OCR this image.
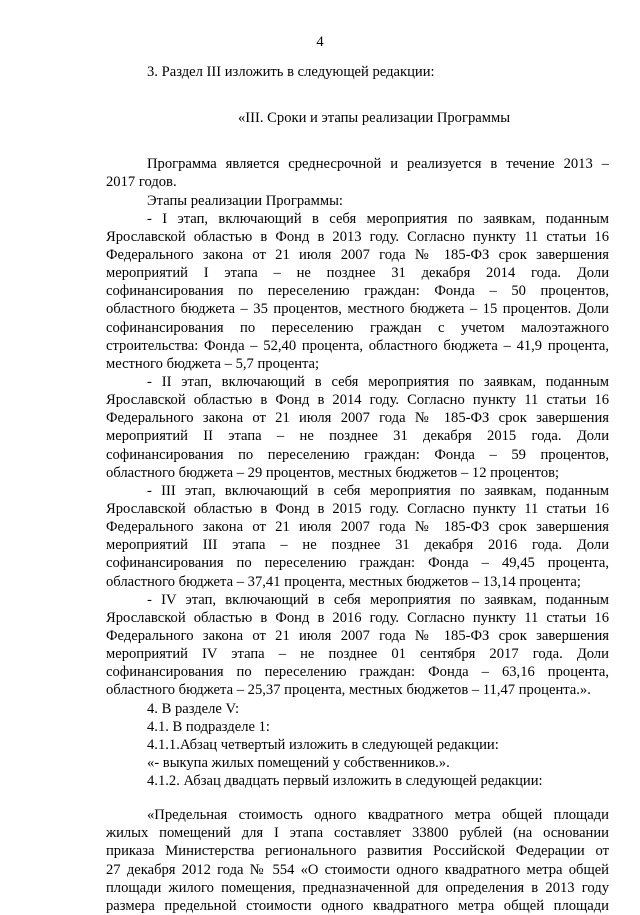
4
3. Раздел III изложить в следующей редакции:
«III. Сроки и этапы реализации Программы
Программа является среднесрочной и реализуется в течение 2013 –
2017 годов.
Этапы реализации Программы:
- I этап, включающий в себя мероприятия по заявкам, поданным
Ярославской областью в Фонд в 2013 году. Согласно пункту 11 статьи 16
Федерального закона от 21 июля 2007 года № 185-ФЗ срок завершения
мероприятий I этапа – не позднее 31 декабря 2014 года. Доли
софинансирования по переселению граждан: Фонда – 50 процентов,
областного бюджета – 35 процентов, местного бюджета – 15 процентов. Доли
софинансирования по переселению граждан с учетом малоэтажного
строительства: Фонда – 52,40 процента, областного бюджета – 41,9 процента,
местного бюджета – 5,7 процента;
- II этап, включающий в себя мероприятия по заявкам, поданным
Ярославской областью в Фонд в 2014 году. Согласно пункту 11 статьи 16
Федерального закона от 21 июля 2007 года № 185-ФЗ срок завершения
мероприятий II этапа – не позднее 31 декабря 2015 года. Доли
софинансирования по переселению граждан: Фонда – 59 процентов,
областного бюджета – 29 процентов, местных бюджетов – 12 процентов;
- III этап, включающий в себя мероприятия по заявкам, поданным
Ярославской областью в Фонд в 2015 году. Согласно пункту 11 статьи 16
Федерального закона от 21 июля 2007 года № 185-ФЗ срок завершения
мероприятий III этапа – не позднее 31 декабря 2016 года. Доли
софинансирования по переселению граждан: Фонда – 49,45 процента,
областного бюджета – 37,41 процента, местных бюджетов – 13,14 процента;
- IV этап, включающий в себя мероприятия по заявкам, поданным
Ярославской областью в Фонд в 2016 году. Согласно пункту 11 статьи 16
Федерального закона от 21 июля 2007 года № 185-ФЗ срок завершения
мероприятий IV этапа – не позднее 01 сентября 2017 года. Доли
софинансирования по переселению граждан: Фонда – 63,16 процента,
областного бюджета – 25,37 процента, местных бюджетов – 11,47 процента.».
4. В разделе V:
4.1. В подразделе 1:
4.1.1.Абзац четвертый изложить в следующей редакции:
«- выкупа жилых помещений у собственников.».
4.1.2. Абзац двадцать первый изложить в следующей редакции:
«Предельная стоимость одного квадратного метра общей площади
жилых помещений для I этапа составляет 33800 рублей (на основании
приказа Министерства регионального развития Российской Федерации от
27 декабря 2012 года № 554 «О стоимости одного квадратного метра общей
площади жилого помещения, предназначенной для определения в 2013 году
размера предельной стоимости одного квадратного метра общей площади
